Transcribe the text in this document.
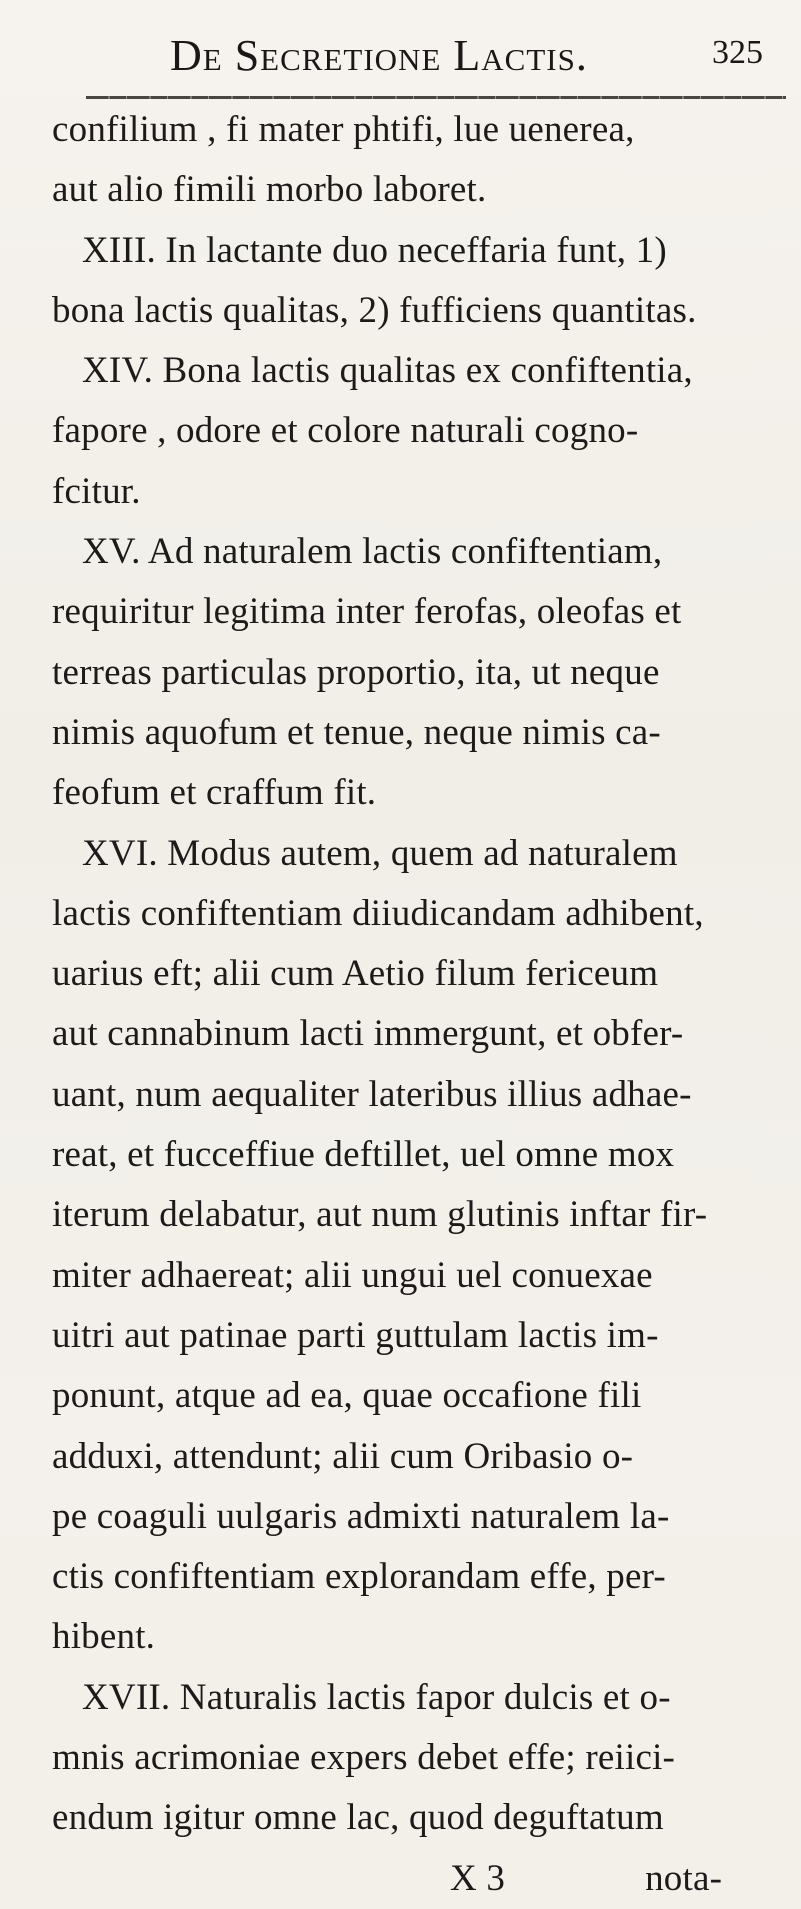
De Secretione Lactis.	325
confilium , fi mater phtifi, lue uenerea,
aut alio fimili morbo laboret.
XIII. In lactante duo neceffaria funt, 1)
bona lactis qualitas, 2) fufficiens quantitas.
XIV. Bona lactis qualitas ex confiftentia,
fapore , odore et colore naturali cogno-
fcitur.
XV. Ad naturalem lactis confiftentiam,
requiritur legitima inter ferofas, oleofas et
terreas particulas proportio, ita, ut neque
nimis aquofum et tenue, neque nimis ca-
feofum et craffum fit.
XVI. Modus autem, quem ad naturalem
lactis confiftentiam diiudicandam adhibent,
uarius eft; alii cum Aetio filum fericeum
aut cannabinum lacti immergunt, et obfer-
uant, num aequaliter lateribus illius adhae-
reat, et fucceffiue deftillet, uel omne mox
iterum delabatur, aut num glutinis inftar fir-
miter adhaereat; alii ungui uel conuexae
uitri aut patinae parti guttulam lactis im-
ponunt, atque ad ea, quae occafione fili
adduxi, attendunt; alii cum Oribasio o-
pe coaguli uulgaris admixti naturalem la-
ctis confiftentiam explorandam effe, per-
hibent.
XVII. Naturalis lactis fapor dulcis et o-
mnis acrimoniae expers debet effe; reiici-
endum igitur omne lac, quod deguftatum
X 3	nota-
